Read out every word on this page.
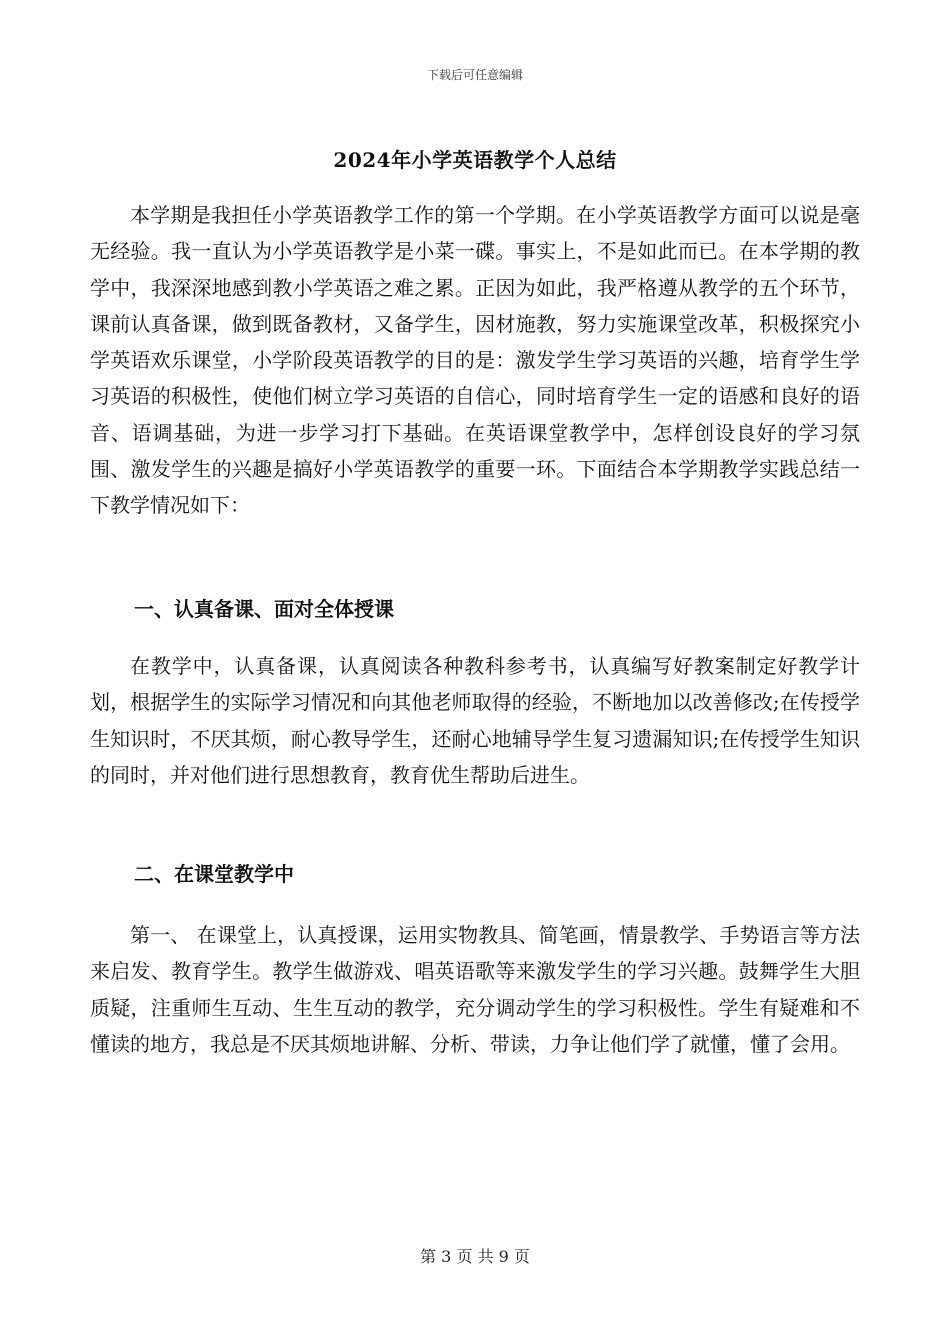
下载后可任意编辑
2024年小学英语教学个人总结

本学期是我担任小学英语教学工作的第一个学期。在小学英语教学方面可以说是毫无经验。我一直认为小学英语教学是小菜一碟。事实上，不是如此而已。在本学期的教学中，我深深地感到教小学英语之难之累。正因为如此，我严格遵从教学的五个环节，课前认真备课，做到既备教材，又备学生，因材施教，努力实施课堂改革，积极探究小学英语欢乐课堂，小学阶段英语教学的目的是：激发学生学习英语的兴趣，培育学生学习英语的积极性，使他们树立学习英语的自信心，同时培育学生一定的语感和良好的语音、语调基础，为进一步学习打下基础。在英语课堂教学中，怎样创设良好的学习氛围、激发学生的兴趣是搞好小学英语教学的重要一环。下面结合本学期教学实践总结一下教学情况如下：

一、认真备课、面对全体授课

在教学中，认真备课，认真阅读各种教科参考书，认真编写好教案制定好教学计划，根据学生的实际学习情况和向其他老师取得的经验，不断地加以改善修改;在传授学生知识时，不厌其烦，耐心教导学生，还耐心地辅导学生复习遗漏知识;在传授学生知识的同时，并对他们进行思想教育，教育优生帮助后进生。

二、在课堂教学中

第一、 在课堂上，认真授课，运用实物教具、简笔画，情景教学、手势语言等方法来启发、教育学生。教学生做游戏、唱英语歌等来激发学生的学习兴趣。鼓舞学生大胆质疑，注重师生互动、生生互动的教学，充分调动学生的学习积极性。学生有疑难和不懂读的地方，我总是不厌其烦地讲解、分析、带读，力争让他们学了就懂，懂了会用。

第 3 页 共 9 页
